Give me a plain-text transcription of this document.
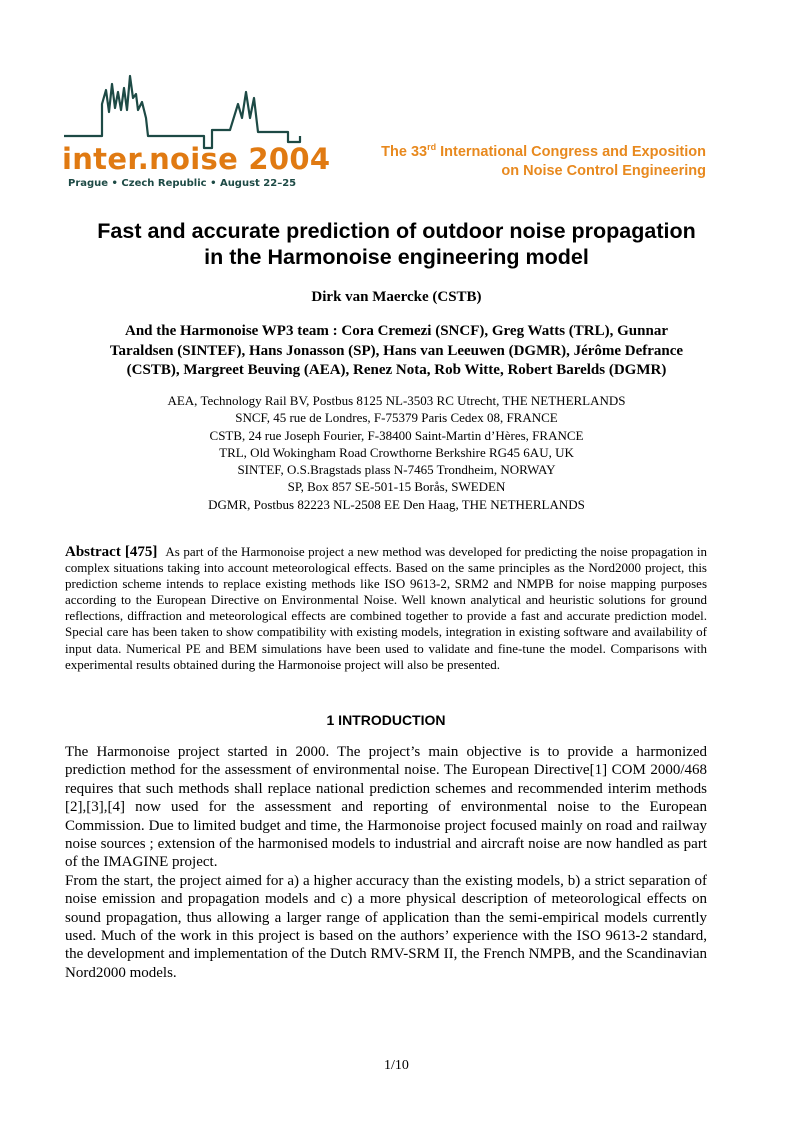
inter.noise 2004
Prague • Czech Republic • August 22–25
The 33rd International Congress and Exposition
on Noise Control Engineering
Fast and accurate prediction of outdoor noise propagation
in the Harmonoise engineering model
Dirk van Maercke (CSTB)
And the Harmonoise WP3 team : Cora Cremezi (SNCF), Greg Watts (TRL), Gunnar
Taraldsen (SINTEF), Hans Jonasson (SP), Hans van Leeuwen (DGMR), Jérôme Defrance
(CSTB), Margreet Beuving (AEA), Renez Nota, Rob Witte, Robert Barelds (DGMR)
AEA, Technology Rail BV, Postbus 8125 NL-3503 RC Utrecht, THE NETHERLANDS
SNCF, 45 rue de Londres, F-75379 Paris Cedex 08, FRANCE
CSTB, 24 rue Joseph Fourier, F-38400 Saint-Martin d’Hères, FRANCE
TRL, Old Wokingham Road Crowthorne Berkshire RG45 6AU, UK
SINTEF, O.S.Bragstads plass N-7465 Trondheim, NORWAY
SP, Box 857 SE-501-15 Borås, SWEDEN
DGMR, Postbus 82223 NL-2508 EE Den Haag, THE NETHERLANDS
Abstract [475] As part of the Harmonoise project a new method was developed for predicting the noise propagation in complex situations taking into account meteorological effects. Based on the same principles as the Nord2000 project, this prediction scheme intends to replace existing methods like ISO 9613-2, SRM2 and NMPB for noise mapping purposes according to the European Directive on Environmental Noise. Well known analytical and heuristic solutions for ground reflections, diffraction and meteorological effects are combined together to provide a fast and accurate prediction model. Special care has been taken to show compatibility with existing models, integration in existing software and availability of input data. Numerical PE and BEM simulations have been used to validate and fine-tune the model. Comparisons with experimental results obtained during the Harmonoise project will also be presented.
1 INTRODUCTION

The Harmonoise project started in 2000. The project’s main objective is to provide a harmonized prediction method for the assessment of environmental noise. The European Directive[1] COM 2000/468 requires that such methods shall replace national prediction schemes and recommended interim methods [2],[3],[4] now used for the assessment and reporting of environmental noise to the European Commission. Due to limited budget and time, the Harmonoise project focused mainly on road and railway noise sources ; extension of the harmonised models to industrial and aircraft noise are now handled as part of the IMAGINE project.

From the start, the project aimed for a) a higher accuracy than the existing models, b) a strict separation of noise emission and propagation models and c) a more physical description of meteorological effects on sound propagation, thus allowing a larger range of application than the semi-empirical models currently used. Much of the work in this project is based on the authors’ experience with the ISO 9613-2 standard, the development and implementation of the Dutch RMV-SRM II, the French NMPB, and the Scandinavian Nord2000 models.

1/10
